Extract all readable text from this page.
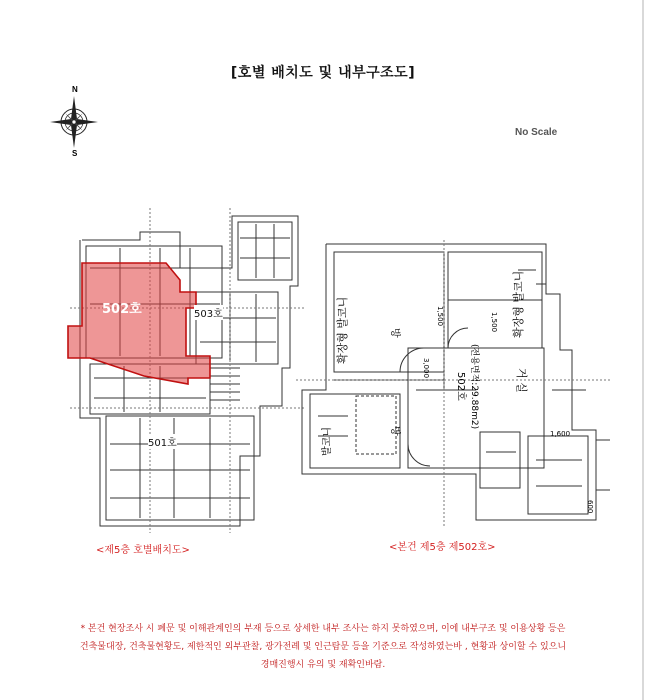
[호별 배치도 및 내부구조도]
No Scale
N
S
502호	503호
501호
1,500	1,500
3,000
1,600
600
확장형 발코니	확장형 발코니
방
방
거 실
발코니
502호 (전용면적:29.88m2)
<제5층 호별배치도>	<본건 제5층 제502호>
* 본건 현장조사 시 폐문 및 이해관계인의 부재 등으로 상세한 내부 조사는 하지 못하였으며, 이에 내부구조 및 이용상황 등은
건축물대장, 건축물현황도, 제한적인 외부관찰, 광가전례 및 인근탐문 등을 기준으로 작성하였는바 , 현황과 상이할 수 있으니
경매진행시 유의 및 재확인바람.
